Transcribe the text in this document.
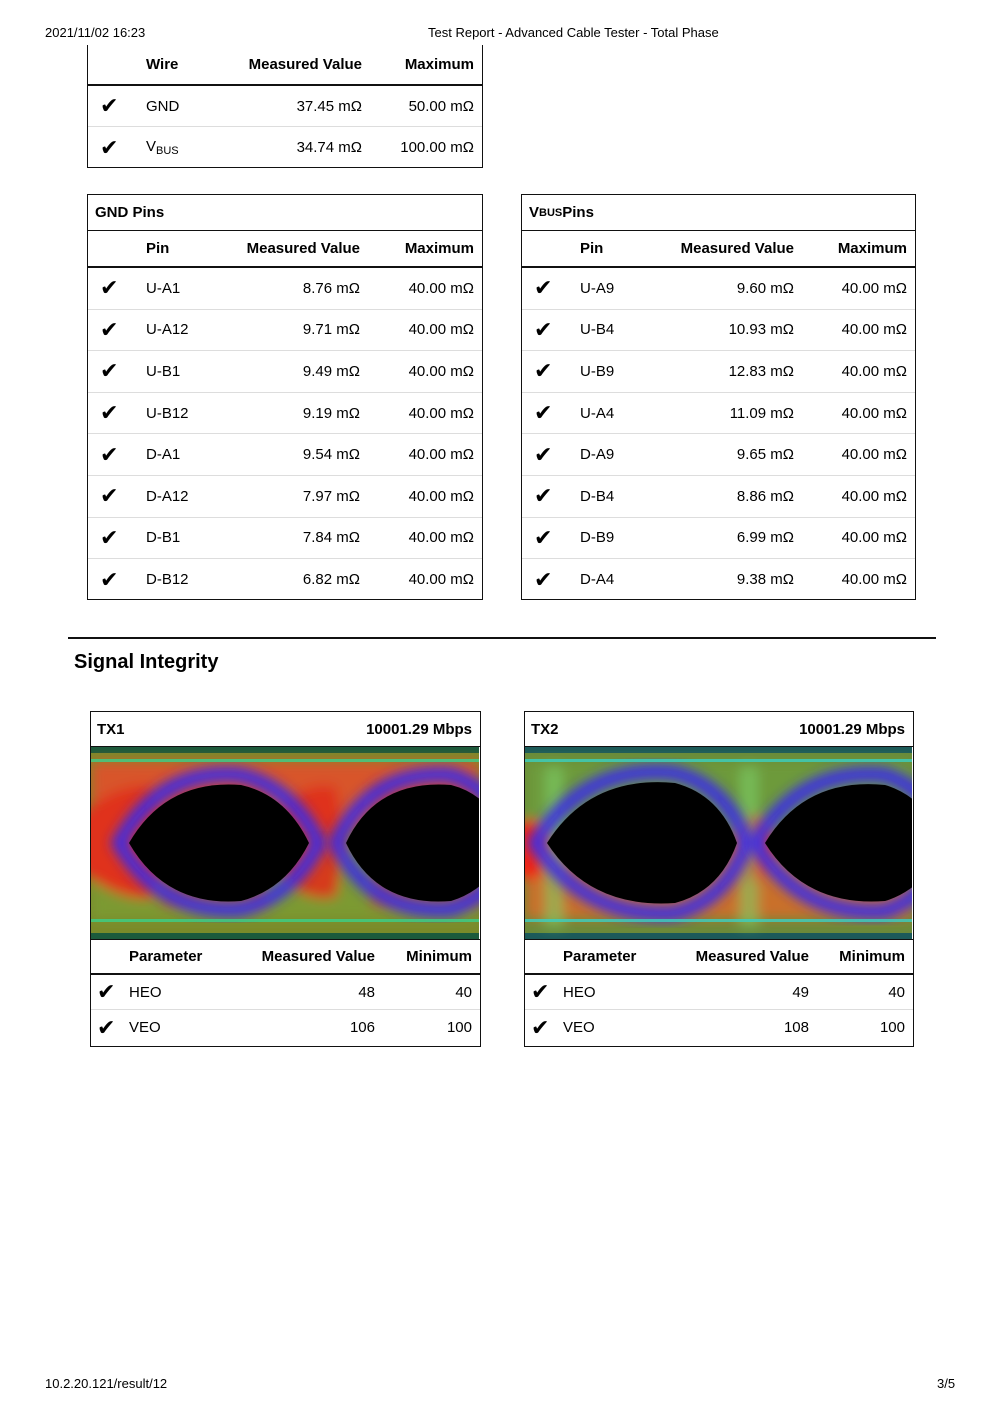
2021/11/02 16:23	Test Report - Advanced Cable Tester - Total Phase
Wire	Measured Value	Maximum
✔	GND	37.45 mΩ	50.00 mΩ
✔	$V_{BUS}$	34.74 mΩ	100.00 mΩ
GND Pins
Pin	Measured Value	Maximum
✔	U-A1	8.76 mΩ	40.00 mΩ
✔	U-A12	9.71 mΩ	40.00 mΩ
✔	U-B1	9.49 mΩ	40.00 mΩ
✔	U-B12	9.19 mΩ	40.00 mΩ
✔	D-A1	9.54 mΩ	40.00 mΩ
✔	D-A12	7.97 mΩ	40.00 mΩ
✔	D-B1	7.84 mΩ	40.00 mΩ
✔	D-B12	6.82 mΩ	40.00 mΩ
V BUS Pins
Pin	Measured Value	Maximum
✔	U-A9	9.60 mΩ	40.00 mΩ
✔	U-B4	10.93 mΩ	40.00 mΩ
✔	U-B9	12.83 mΩ	40.00 mΩ
✔	U-A4	11.09 mΩ	40.00 mΩ
✔	D-A9	9.65 mΩ	40.00 mΩ
✔	D-B4	8.86 mΩ	40.00 mΩ
✔	D-B9	6.99 mΩ	40.00 mΩ
✔	D-A4	9.38 mΩ	40.00 mΩ
Signal Integrity
TX1	10001.29 Mbps
Parameter	Measured Value	Minimum
✔ HEO	48	40
✔ VEO	106	100
TX2	10001.29 Mbps
Parameter	Measured Value	Minimum
✔ HEO	49	40
✔ VEO	108	100
10.2.20.121/result/12	3/5
